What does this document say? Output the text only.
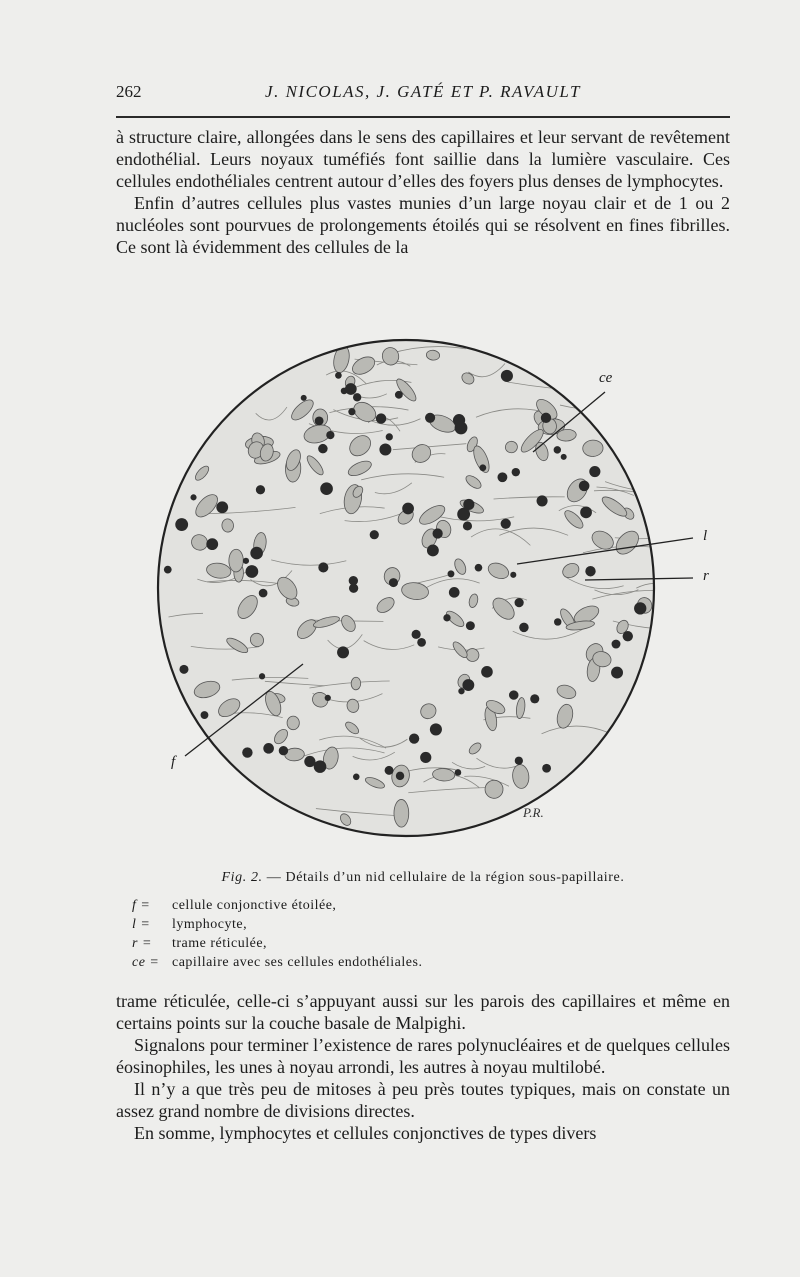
262	J. NICOLAS, J. GATÉ ET P. RAVAULT

à structure claire, allongées dans le sens des capillaires et leur servant de revêtement endothélial. Leurs noyaux tuméfiés font saillie dans la lumière vasculaire. Ces cellules endothéliales centrent autour d’elles des foyers plus denses de lymphocytes.

Enfin d’autres cellules plus vastes munies d’un large noyau clair et de 1 ou 2 nucléoles sont pourvues de prolongements étoilés qui se résolvent en fines fibrilles. Ce sont là évidemment des cellules de la

P.R.
ce
l
r
f
Fig. 2. — Détails d’un nid cellulaire de la région sous-papillaire.
f = cellule conjonctive étoilée,
l = lymphocyte,
r = trame réticulée,
ce = capillaire avec ses cellules endothéliales.

trame réticulée, celle-ci s’appuyant aussi sur les parois des capillaires et même en certains points sur la couche basale de Malpighi.

Signalons pour terminer l’existence de rares polynucléaires et de quelques cellules éosinophiles, les unes à noyau arrondi, les autres à noyau multilobé.

Il n’y a que très peu de mitoses à peu près toutes typiques, mais on constate un assez grand nombre de divisions directes.

En somme, lymphocytes et cellules conjonctives de types divers
